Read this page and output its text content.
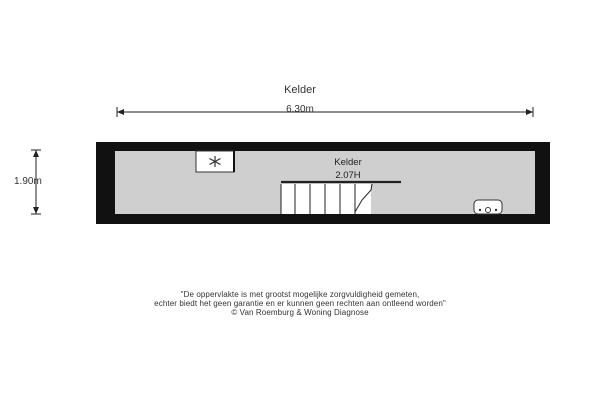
Kelder
6.30m
1.90m
Kelder
2.07H
"De oppervlakte is met grootst mogelijke zorgvuldigheid gemeten,
echter biedt het geen garantie en er kunnen geen rechten aan ontleend worden"
© Van Roemburg & Woning Diagnose
